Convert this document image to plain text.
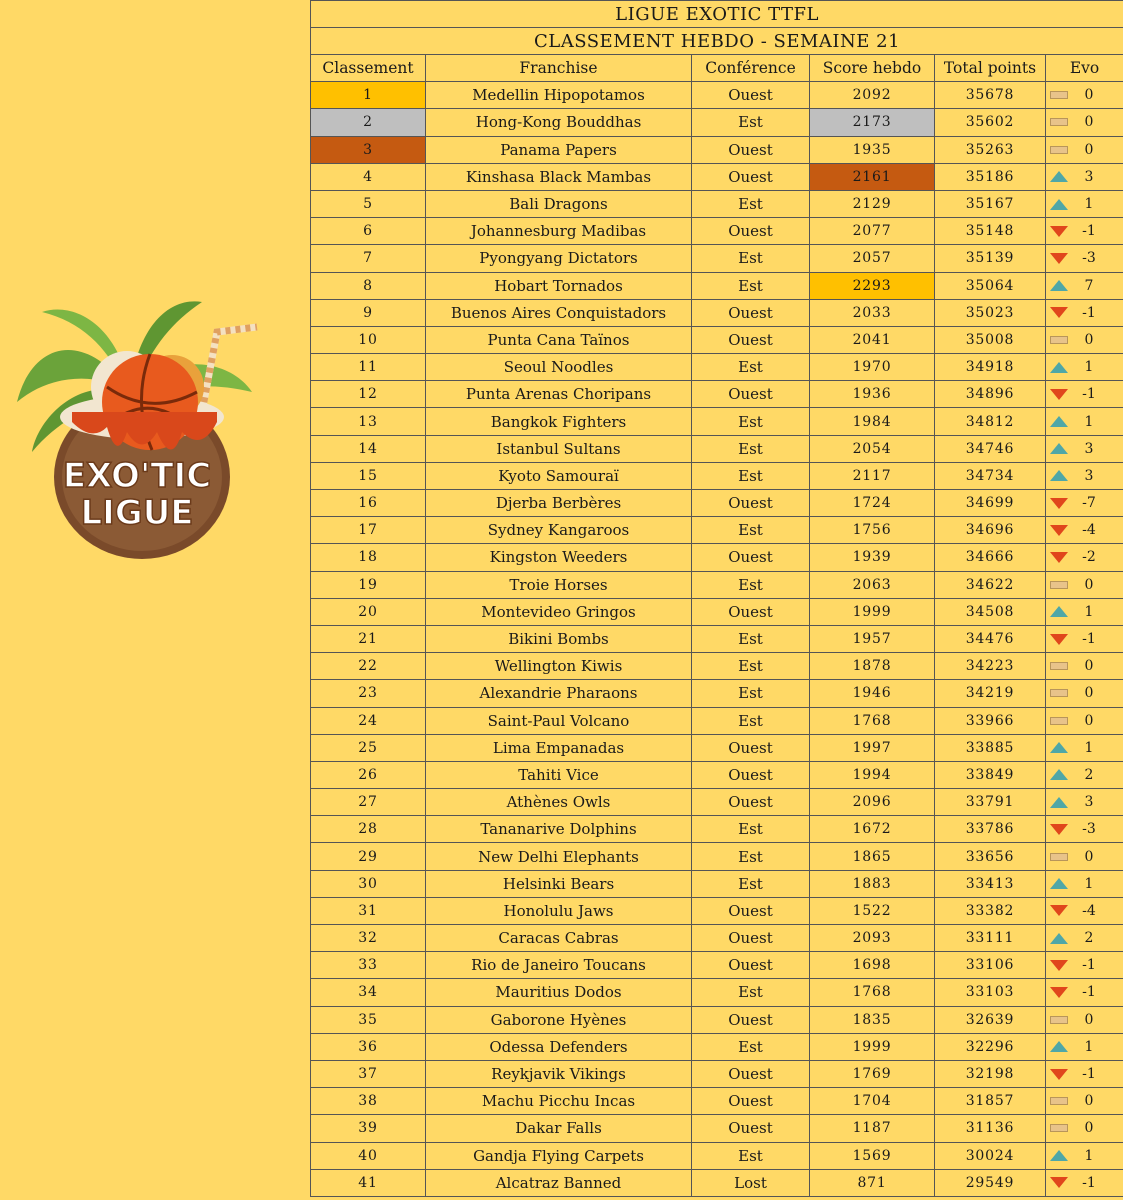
EXO'TIC
LIGUE
LIGUE EXOTIC TTFL					
CLASSEMENT HEBDO - SEMAINE 21					
Classement	Franchise	Conférence	Score hebdo	Total points	Evo
1	Medellin Hipopotamos	Ouest	2092	35678	0

2	Hong-Kong Bouddhas	Est	2173	35602	0

3	Panama Papers	Ouest	1935	35263	0

4	Kinshasa Black Mambas	Ouest	2161	35186	3

5	Bali Dragons	Est	2129	35167	1

6	Johannesburg Madibas	Ouest	2077	35148	-1

7	Pyongyang Dictators	Est	2057	35139	-3

8	Hobart Tornados	Est	2293	35064	7

9	Buenos Aires Conquistadors	Ouest	2033	35023	-1

10	Punta Cana Taïnos	Ouest	2041	35008	0

11	Seoul Noodles	Est	1970	34918	1

12	Punta Arenas Choripans	Ouest	1936	34896	-1

13	Bangkok Fighters	Est	1984	34812	1

14	Istanbul Sultans	Est	2054	34746	3

15	Kyoto Samouraï	Est	2117	34734	3

16	Djerba Berbères	Ouest	1724	34699	-7

17	Sydney Kangaroos	Est	1756	34696	-4

18	Kingston Weeders	Ouest	1939	34666	-2

19	Troie Horses	Est	2063	34622	0

20	Montevideo Gringos	Ouest	1999	34508	1

21	Bikini Bombs	Est	1957	34476	-1

22	Wellington Kiwis	Est	1878	34223	0

23	Alexandrie Pharaons	Est	1946	34219	0

24	Saint-Paul Volcano	Est	1768	33966	0

25	Lima Empanadas	Ouest	1997	33885	1

26	Tahiti Vice	Ouest	1994	33849	2

27	Athènes Owls	Ouest	2096	33791	3

28	Tananarive Dolphins	Est	1672	33786	-3

29	New Delhi Elephants	Est	1865	33656	0

30	Helsinki Bears	Est	1883	33413	1

31	Honolulu Jaws	Ouest	1522	33382	-4

32	Caracas Cabras	Ouest	2093	33111	2

33	Rio de Janeiro Toucans	Ouest	1698	33106	-1

34	Mauritius Dodos	Est	1768	33103	-1

35	Gaborone Hyènes	Ouest	1835	32639	0

36	Odessa Defenders	Est	1999	32296	1

37	Reykjavik Vikings	Ouest	1769	32198	-1

38	Machu Picchu Incas	Ouest	1704	31857	0

39	Dakar Falls	Ouest	1187	31136	0

40	Gandja Flying Carpets	Est	1569	30024	1

41	Alcatraz Banned	Lost	871	29549	-1
